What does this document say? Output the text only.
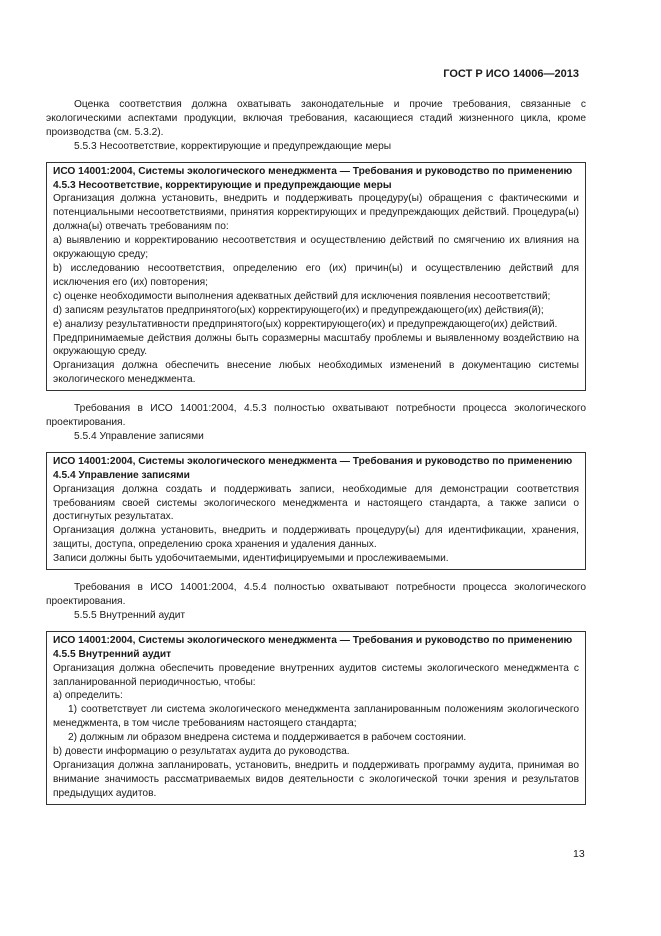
ГОСТ Р ИСО 14006—2013
Оценка соответствия должна охватывать законодательные и прочие требования, связанные с экологическими аспектами продукции, включая требования, касающиеся стадий жизненного цикла, кроме производства (см. 5.3.2).
5.5.3 Несоответствие, корректирующие и предупреждающие меры
ИСО 14001:2004, Системы экологического менеджмента — Требования и руководство по применению
4.5.3 Несоответствие, корректирующие и предупреждающие меры
Организация должна установить, внедрить и поддерживать процедуру(ы) обращения с фактическими и потенциальными несоответствиями, принятия корректирующих и предупреждающих действий. Процедура(ы) должна(ы) отвечать требованиям по:
а) выявлению и корректированию несоответствия и осуществлению действий по смягчению их влияния на окружающую среду;
b) исследованию несоответствия, определению его (их) причин(ы) и осуществлению действий для исключения его (их) повторения;
с) оценке необходимости выполнения адекватных действий для исключения появления несоответствий;
d) записям результатов предпринятого(ых) корректирующего(их) и предупреждающего(их) действия(й);
е) анализу результативности предпринятого(ых) корректирующего(их) и предупреждающего(их) действий.
Предпринимаемые действия должны быть соразмерны масштабу проблемы и выявленному воздействию на окружающую среду.
Организация должна обеспечить внесение любых необходимых изменений в документацию системы экологического менеджмента.
Требования в ИСО 14001:2004, 4.5.3 полностью охватывают потребности процесса экологического проектирования.
5.5.4 Управление записями
ИСО 14001:2004, Системы экологического менеджмента — Требования и руководство по применению
4.5.4 Управление записями
Организация должна создать и поддерживать записи, необходимые для демонстрации соответствия требованиям своей системы экологического менеджмента и настоящего стандарта, а также записи о достигнутых результатах.
Организация должна установить, внедрить и поддерживать процедуру(ы) для идентификации, хранения, защиты, доступа, определению срока хранения и удаления данных.
Записи должны быть удобочитаемыми, идентифицируемыми и прослеживаемыми.
Требования в ИСО 14001:2004, 4.5.4 полностью охватывают потребности процесса экологического проектирования.
5.5.5 Внутренний аудит
ИСО 14001:2004, Системы экологического менеджмента — Требования и руководство по применению
4.5.5 Внутренний аудит
Организация должна обеспечить проведение внутренних аудитов системы экологического менеджмента с запланированной периодичностью, чтобы:
а) определить:
1) соответствует ли система экологического менеджмента запланированным положениям экологического менеджмента, в том числе требованиям настоящего стандарта;
2) должным ли образом внедрена система и поддерживается в рабочем состоянии.
b) довести информацию о результатах аудита до руководства.
Организация должна запланировать, установить, внедрить и поддерживать программу аудита, принимая во внимание значимость рассматриваемых видов деятельности с экологической точки зрения и результатов предыдущих аудитов.
13
